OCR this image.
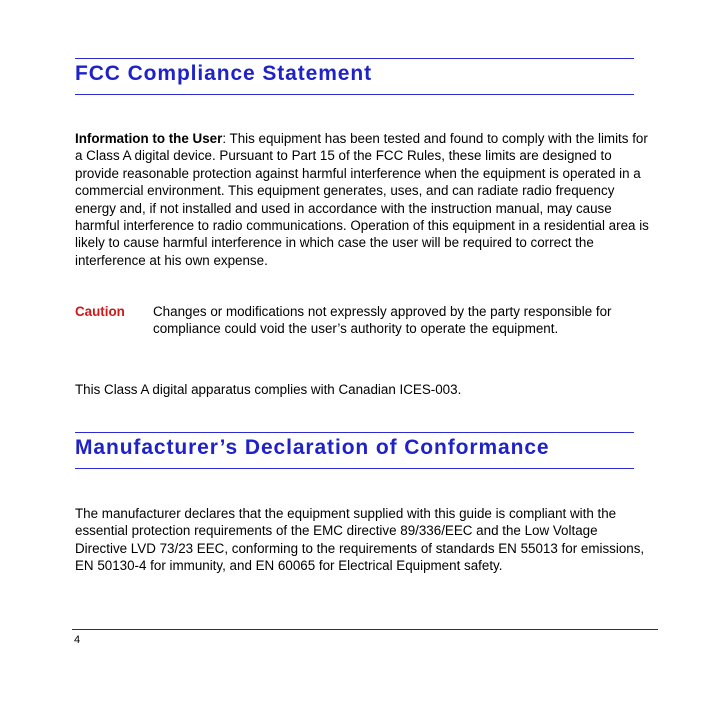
FCC Compliance Statement

Information to the User: This equipment has been tested and found to comply with the limits for a Class A digital device. Pursuant to Part 15 of the FCC Rules, these limits are designed to provide reasonable protection against harmful interference when the equipment is operated in a commercial environment. This equipment generates, uses, and can radiate radio frequency energy and, if not installed and used in accordance with the instruction manual, may cause harmful interference to radio communications. Operation of this equipment in a residential area is likely to cause harmful interference in which case the user will be required to correct the interference at his own expense.

Caution Changes or modifications not expressly approved by the party responsible for compliance could void the user’s authority to operate the equipment.

This Class A digital apparatus complies with Canadian ICES-003.

Manufacturer’s Declaration of Conformance

The manufacturer declares that the equipment supplied with this guide is compliant with the essential protection requirements of the EMC directive 89/336/EEC and the Low Voltage Directive LVD 73/23 EEC, conforming to the requirements of standards EN 55013 for emissions, EN 50130-4 for immunity, and EN 60065 for Electrical Equipment safety.

4
